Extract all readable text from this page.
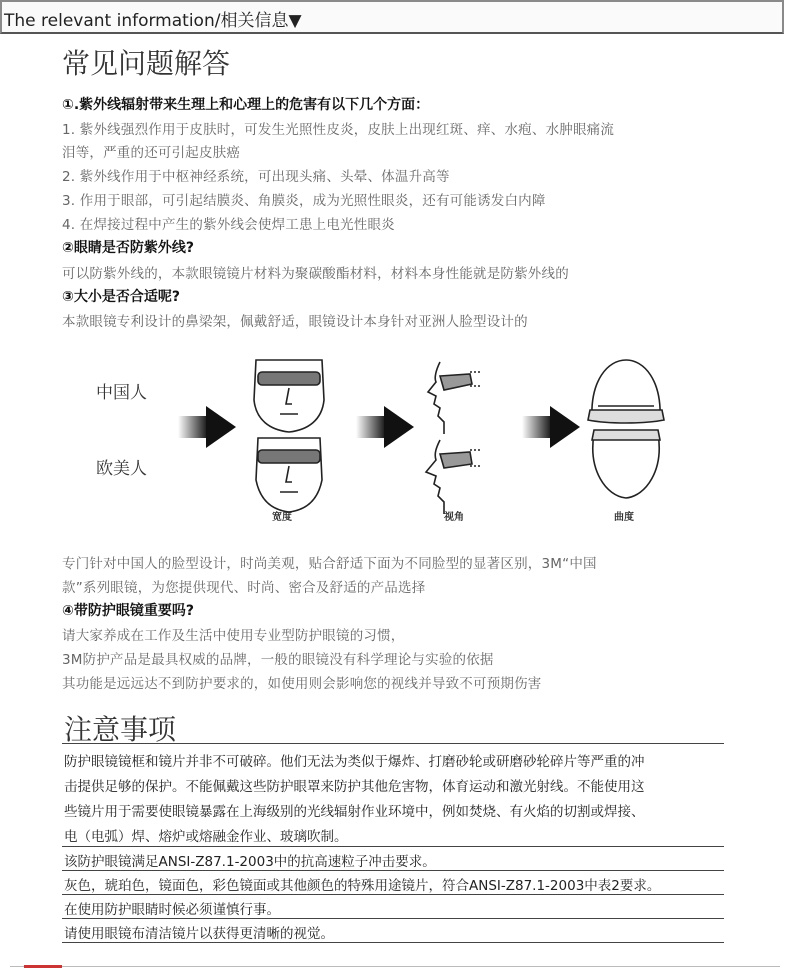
The relevant information/相关信息▼
常见问题解答
①.紫外线辐射带来生理上和心理上的危害有以下几个方面：
1. 紫外线强烈作用于皮肤时，可发生光照性皮炎，皮肤上出现红斑、痒、水疱、水肿眼痛流
泪等，严重的还可引起皮肤癌
2. 紫外线作用于中枢神经系统，可出现头痛、头晕、体温升高等
3. 作用于眼部，可引起结膜炎、角膜炎，成为光照性眼炎，还有可能诱发白内障
4. 在焊接过程中产生的紫外线会使焊工患上电光性眼炎
②眼睛是否防紫外线?
可以防紫外线的，本款眼镜镜片材料为聚碳酸酯材料，材料本身性能就是防紫外线的
③大小是否合适呢?
本款眼镜专利设计的鼻梁架，佩戴舒适，眼镜设计本身针对亚洲人脸型设计的
中国人
欧美人
宽度	视角	曲度
专门针对中国人的脸型设计，时尚美观，贴合舒适下面为不同脸型的显著区别，3M“中国
款”系列眼镜，为您提供现代、时尚、密合及舒适的产品选择
④带防护眼镜重要吗?
请大家养成在工作及生活中使用专业型防护眼镜的习惯，
3M防护产品是最具权威的品牌，一般的眼镜没有科学理论与实验的依据
其功能是远远达不到防护要求的，如使用则会影响您的视线并导致不可预期伤害
注意事项
防护眼镜镜框和镜片并非不可破碎。他们无法为类似于爆炸、打磨砂轮或研磨砂轮碎片等严重的冲
击提供足够的保护。不能佩戴这些防护眼罩来防护其他危害物，体育运动和激光射线。不能使用这
些镜片用于需要使眼镜暴露在上海级别的光线辐射作业环境中，例如焚烧、有火焰的切割或焊接、
电（电弧）焊、熔炉或熔融金作业、玻璃吹制。
该防护眼镜满足ANSI-Z87.1-2003中的抗高速粒子冲击要求。
灰色，琥珀色，镜面色，彩色镜面或其他颜色的特殊用途镜片，符合ANSI-Z87.1-2003中表2要求。
在使用防护眼睛时候必须谨慎行事。
请使用眼镜布清洁镜片以获得更清晰的视觉。
